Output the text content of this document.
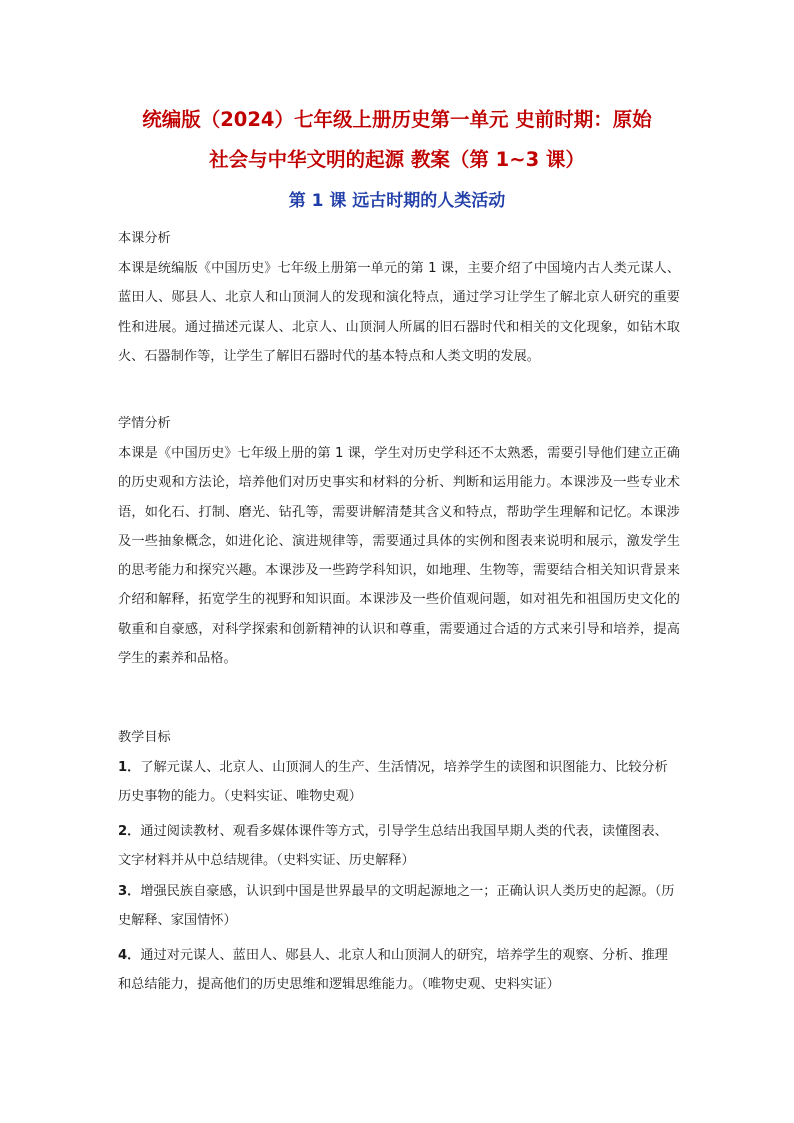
统编版（2024）七年级上册历史第一单元 史前时期：原始
社会与中华文明的起源 教案（第 1~3 课）
第 1 课 远古时期的人类活动
本课分析
本课是统编版《中国历史》七年级上册第一单元的第 1 课，主要介绍了中国境内古人类元谋人、蓝田人、郧县人、北京人和山顶洞人的发现和演化特点，通过学习让学生了解北京人研究的重要性和进展。通过描述元谋人、北京人、山顶洞人所属的旧石器时代和相关的文化现象，如钻木取火、石器制作等，让学生了解旧石器时代的基本特点和人类文明的发展。
学情分析
本课是《中国历史》七年级上册的第 1 课，学生对历史学科还不太熟悉，需要引导他们建立正确的历史观和方法论，培养他们对历史事实和材料的分析、判断和运用能力。本课涉及一些专业术语，如化石、打制、磨光、钻孔等，需要讲解清楚其含义和特点，帮助学生理解和记忆。本课涉及一些抽象概念，如进化论、演进规律等，需要通过具体的实例和图表来说明和展示，激发学生的思考能力和探究兴趣。本课涉及一些跨学科知识，如地理、生物等，需要结合相关知识背景来介绍和解释，拓宽学生的视野和知识面。本课涉及一些价值观问题，如对祖先和祖国历史文化的敬重和自豪感，对科学探索和创新精神的认识和尊重，需要通过合适的方式来引导和培养，提高学生的素养和品格。
教学目标
1．了解元谋人、北京人、山顶洞人的生产、生活情况，培养学生的读图和识图能力、比较分析历史事物的能力。（史料实证、唯物史观）
2．通过阅读教材、观看多媒体课件等方式，引导学生总结出我国早期人类的代表，读懂图表、文字材料并从中总结规律。（史料实证、历史解释）
3．增强民族自豪感，认识到中国是世界最早的文明起源地之一；正确认识人类历史的起源。（历史解释、家国情怀）
4．通过对元谋人、蓝田人、郧县人、北京人和山顶洞人的研究，培养学生的观察、分析、推理和总结能力，提高他们的历史思维和逻辑思维能力。（唯物史观、史料实证）
